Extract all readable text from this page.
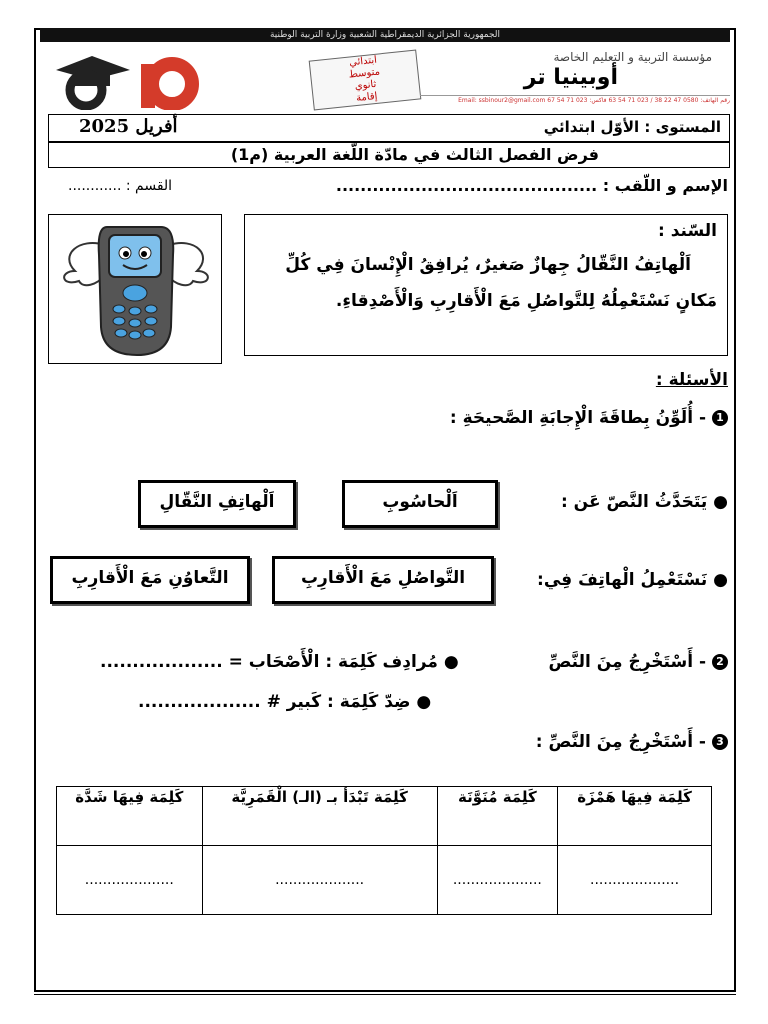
الجمهورية الجزائرية الديمقراطية الشعبية وزارة التربية الوطنية
ابتدائي
متوسط
ثانوي
إقامة
مؤسسة التربية و التعليم الخاصة
أوبينيا تر
رقم الهاتف: 0580 47 22 38 / 023 71 54 63 فاكس: 023 71 54 67 Email: ssbinour2@gmail.com
المستوى : الأوّل ابتدائي
أفريل 2025
فرض الفصل الثالث في مادّة اللّغة العربية (م1)
الإسم و اللّقب : ...........................................
القسم : ............
السّند :
اَلْهاتِفُ النَّقّالُ جِهازٌ صَغيرٌ، يُرافِقُ الْإِنْسانَ فِي كُلِّ مَكانٍ نَسْتَعْمِلُهُ لِلتَّواصُلِ مَعَ الْأَقارِبِ وَالْأَصْدِقاءِ.
الأسئلة :
1- أُلَوِّنُ بِطاقَةَ الْإِجابَةِ الصَّحيحَةِ :
● يَتَحَدَّثُ النَّصّ عَن :
اَلْحاسُوبِ
اَلْهاتِفِ النَّقّالِ
● نَسْتَعْمِلُ الْهاتِفَ فِي:
التَّواصُلِ مَعَ الْأَقارِبِ
التَّعاوُنِ مَعَ الْأَقارِبِ
2- أَسْتَخْرِجُ مِنَ النَّصِّ
● مُرادِف كَلِمَة : الْأَصْحَاب = ...................
● ضِدّ كَلِمَة : كَبير # ...................
3- أَسْتَخْرِجُ مِنَ النَّصِّ :
كَلِمَة فِيهَا هَمْزَة	كَلِمَة مُنَوَّنَة	كَلِمَة تَبْدَأ بـ (الـ) الْقَمَرِيَّة	كَلِمَة فِيهَا شَدَّة
....................	....................	....................	....................
